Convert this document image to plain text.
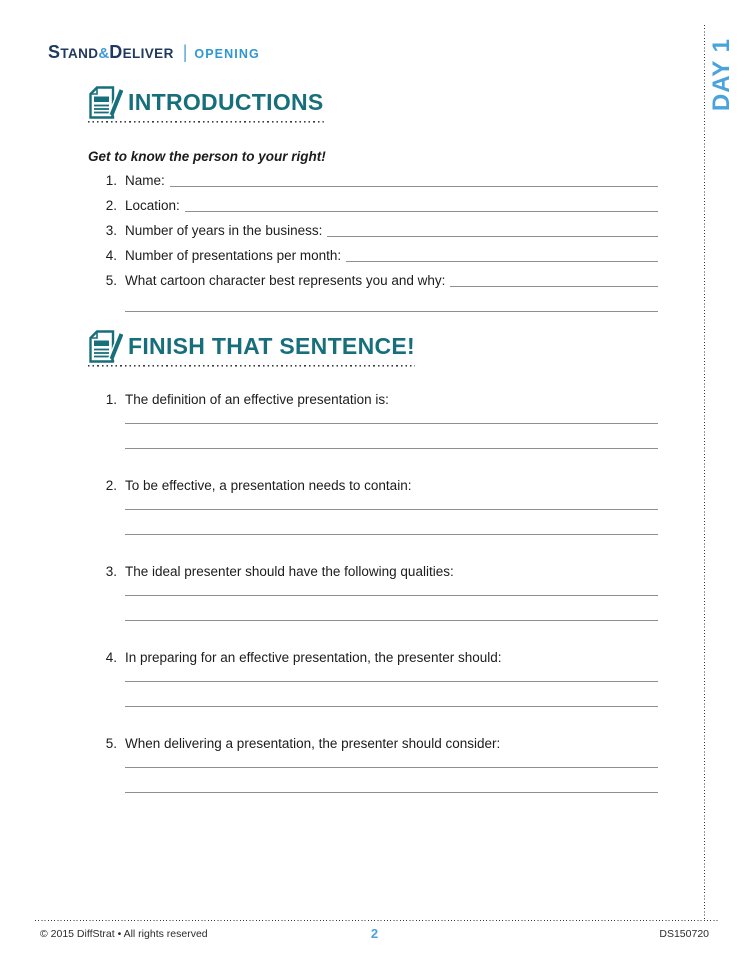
STAND&DELIVER | OPENING	DAY 1
INTRODUCTIONS

Get to know the person to your right!

1. Name:
2. Location:
3. Number of years in the business:
4. Number of presentations per month:
5. What cartoon character best represents you and why:
FINISH THAT SENTENCE!
1. The definition of an effective presentation is:
2. To be effective, a presentation needs to contain:
3. The ideal presenter should have the following qualities:
4. In preparing for an effective presentation, the presenter should:
5. When delivering a presentation, the presenter should consider:
© 2015 DiffStrat • All rights reserved	2	DS150720
